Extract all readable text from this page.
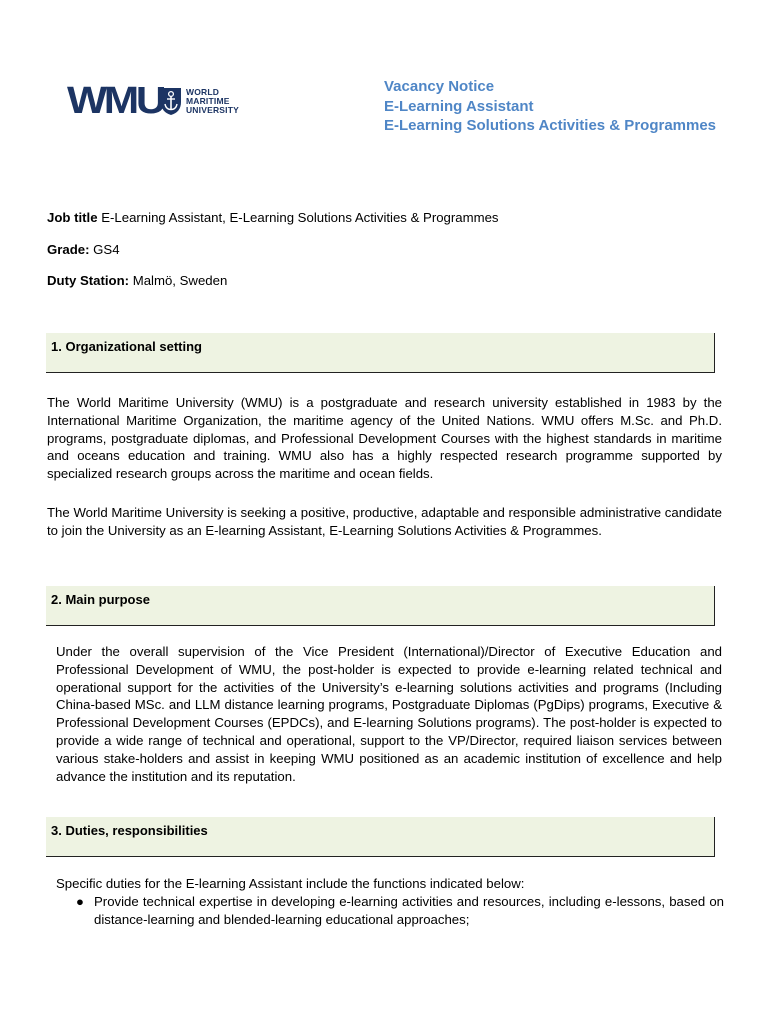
WMU	WORLD
MARITIME
UNIVERSITY
Vacancy Notice
E-Learning Assistant
E-Learning Solutions Activities & Programmes
Job title E-Learning Assistant, E-Learning Solutions Activities & Programmes
Grade: GS4
Duty Station: Malmö, Sweden
1. Organizational setting
The World Maritime University (WMU) is a postgraduate and research university established in 1983 by the International Maritime Organization, the maritime agency of the United Nations. WMU offers M.Sc. and Ph.D. programs, postgraduate diplomas, and Professional Development Courses with the highest standards in maritime and oceans education and training. WMU also has a highly respected research programme supported by specialized research groups across the maritime and ocean fields.
The World Maritime University is seeking a positive, productive, adaptable and responsible administrative candidate to join the University as an E-learning Assistant, E-Learning Solutions Activities & Programmes.
2. Main purpose
Under the overall supervision of the Vice President (International)/Director of Executive Education and Professional Development of WMU, the post-holder is expected to provide e-learning related technical and operational support for the activities of the University’s e-learning solutions activities and programs (Including China-based MSc. and LLM distance learning programs, Postgraduate Diplomas (PgDips) programs, Executive & Professional Development Courses (EPDCs), and E-learning Solutions programs). The post-holder is expected to provide a wide range of technical and operational, support to the VP/Director, required liaison services between various stake-holders and assist in keeping WMU positioned as an academic institution of excellence and help advance the institution and its reputation.
3. Duties, responsibilities
Specific duties for the E-learning Assistant include the functions indicated below:
● Provide technical expertise in developing e-learning activities and resources, including e-lessons, based on distance-learning and blended-learning educational approaches;
